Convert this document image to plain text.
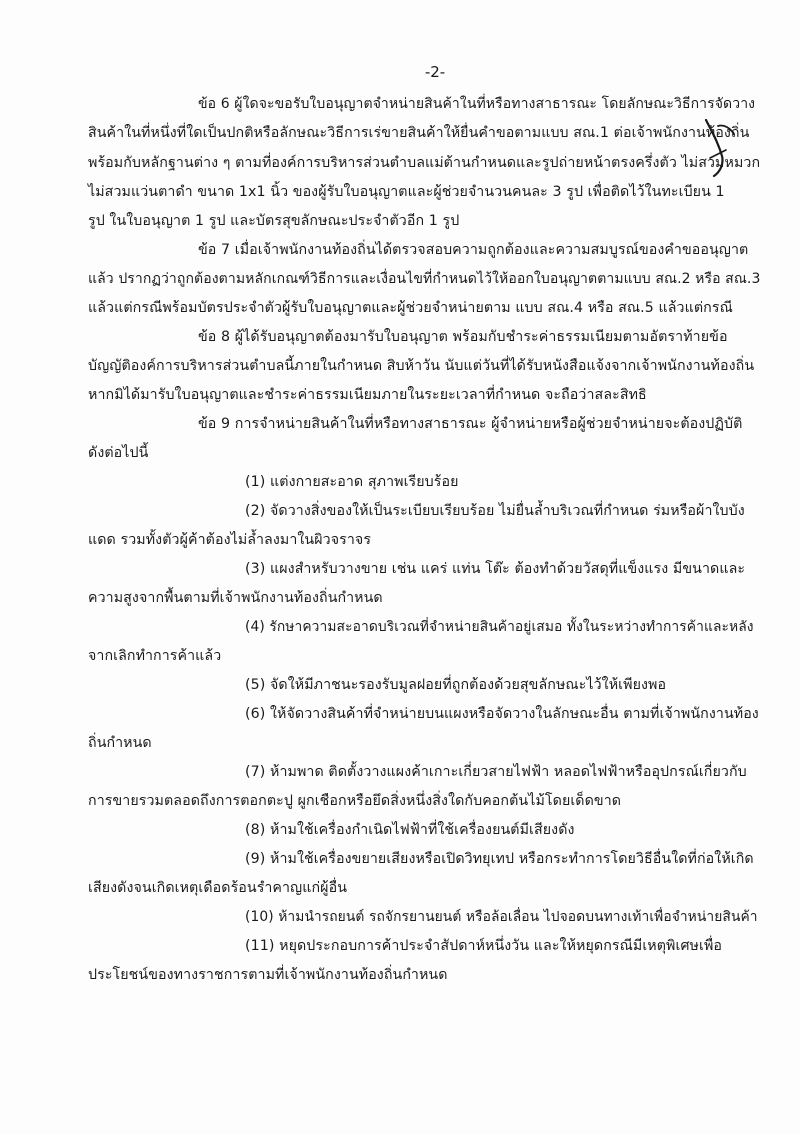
-2-
ข้อ 6 ผู้ใดจะขอรับใบอนุญาตจำหน่ายสินค้าในที่หรือทางสาธารณะ โดยลักษณะวิธีการจัดวาง
สินค้าในที่หนึ่งที่ใดเป็นปกติหรือลักษณะวิธีการเร่ขายสินค้าให้ยื่นคำขอตามแบบ สณ.1 ต่อเจ้าพนักงานท้องถิ่น
พร้อมกับหลักฐานต่าง ๆ ตามที่องค์การบริหารส่วนตำบลแม่ต้านกำหนดและรูปถ่ายหน้าตรงครึ่งตัว ไม่สวมหมวก
ไม่สวมแว่นตาดำ ขนาด 1x1 นิ้ว ของผู้รับใบอนุญาตและผู้ช่วยจำนวนคนละ 3 รูป เพื่อติดไว้ในทะเบียน 1
รูป ในใบอนุญาต 1 รูป และบัตรสุขลักษณะประจำตัวอีก 1 รูป
ข้อ 7 เมื่อเจ้าพนักงานท้องถิ่นได้ตรวจสอบความถูกต้องและความสมบูรณ์ของคำขออนุญาต
แล้ว ปรากฏว่าถูกต้องตามหลักเกณฑ์วิธีการและเงื่อนไขที่กำหนดไว้ให้ออกใบอนุญาตตามแบบ สณ.2 หรือ สณ.3
แล้วแต่กรณีพร้อมบัตรประจำตัวผู้รับใบอนุญาตและผู้ช่วยจำหน่ายตาม แบบ สณ.4 หรือ สณ.5 แล้วแต่กรณี
ข้อ 8 ผู้ได้รับอนุญาตต้องมารับใบอนุญาต พร้อมกับชำระค่าธรรมเนียมตามอัตราท้ายข้อ
บัญญัติองค์การบริหารส่วนตำบลนี้ภายในกำหนด สิบห้าวัน นับแต่วันที่ได้รับหนังสือแจ้งจากเจ้าพนักงานท้องถิ่น
หากมิได้มารับใบอนุญาตและชำระค่าธรรมเนียมภายในระยะเวลาที่กำหนด จะถือว่าสละสิทธิ
ข้อ 9 การจำหน่ายสินค้าในที่หรือทางสาธารณะ ผู้จำหน่ายหรือผู้ช่วยจำหน่ายจะต้องปฏิบัติ
ดังต่อไปนี้
(1) แต่งกายสะอาด สุภาพเรียบร้อย
(2) จัดวางสิ่งของให้เป็นระเบียบเรียบร้อย ไม่ยื่นล้ำบริเวณที่กำหนด ร่มหรือผ้าใบบัง
แดด รวมทั้งตัวผู้ค้าต้องไม่ล้ำลงมาในผิวจราจร
(3) แผงสำหรับวางขาย เช่น แคร่ แท่น โต๊ะ ต้องทำด้วยวัสดุที่แข็งแรง มีขนาดและ
ความสูงจากพื้นตามที่เจ้าพนักงานท้องถิ่นกำหนด
(4) รักษาความสะอาดบริเวณที่จำหน่ายสินค้าอยู่เสมอ ทั้งในระหว่างทำการค้าและหลัง
จากเลิกทำการค้าแล้ว
(5) จัดให้มีภาชนะรองรับมูลฝอยที่ถูกต้องด้วยสุขลักษณะไว้ให้เพียงพอ
(6) ให้จัดวางสินค้าที่จำหน่ายบนแผงหรือจัดวางในลักษณะอื่น ตามที่เจ้าพนักงานท้อง
ถิ่นกำหนด
(7) ห้ามพาด ติดตั้งวางแผงค้าเกาะเกี่ยวสายไฟฟ้า หลอดไฟฟ้าหรืออุปกรณ์เกี่ยวกับ
การขายรวมตลอดถึงการตอกตะปู ผูกเชือกหรือยึดสิ่งหนึ่งสิ่งใดกับคอกต้นไม้โดยเด็ดขาด
(8) ห้ามใช้เครื่องกำเนิดไฟฟ้าที่ใช้เครื่องยนต์มีเสียงดัง
(9) ห้ามใช้เครื่องขยายเสียงหรือเปิดวิทยุเทป หรือกระทำการโดยวิธีอื่นใดที่ก่อให้เกิด
เสียงดังจนเกิดเหตุเดือดร้อนรำคาญแก่ผู้อื่น
(10) ห้ามนำรถยนต์ รถจักรยานยนต์ หรือล้อเลื่อน ไปจอดบนทางเท้าเพื่อจำหน่ายสินค้า
(11) หยุดประกอบการค้าประจำสัปดาห์หนึ่งวัน และให้หยุดกรณีมีเหตุพิเศษเพื่อ
ประโยชน์ของทางราชการตามที่เจ้าพนักงานท้องถิ่นกำหนด
